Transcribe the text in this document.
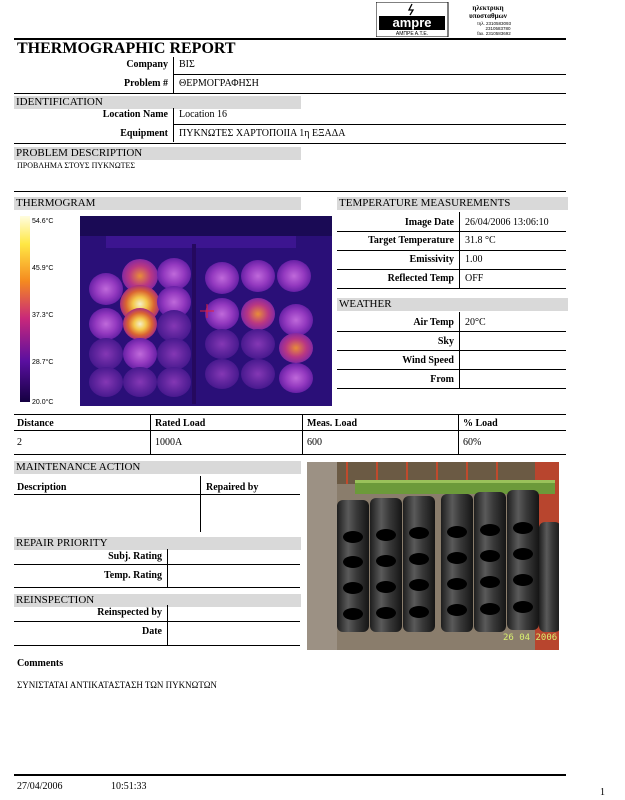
ampre
ΑΜΠΡΕ Α.Τ.Ε.
ηλεκτρικη
υποσταθμων
τηλ. 2310583093
2310583780
fax. 2310583692
THERMOGRAPHIC REPORT
Company ΒΙΣ
Problem # ΘΕΡΜΟΓΡΑΦΗΣΗ
IDENTIFICATION
Location Name Location 16
Equipment ΠΥΚΝΩΤΕΣ ΧΑΡΤΟΠΟΙΙΑ 1η ΕΞΑΔΑ
PROBLEM DESCRIPTION
ΠΡΟΒΛΗΜΑ ΣΤΟΥΣ ΠΥΚΝΩΤΕΣ
THERMOGRAM
54.6°C
45.9°C
37.3°C
28.7°C
20.0°C
TEMPERATURE MEASUREMENTS
Image Date 26/04/2006 13:06:10
Target Temperature 31.8 °C
Emissivity 1.00
Reflected Temp OFF
WEATHER
Air Temp 20°C
Sky
Wind Speed
From
Distance	Rated Load	Meas. Load	% Load
2	1000A	600	60%
MAINTENANCE ACTION
Description	Repaired by
REPAIR PRIORITY
Subj. Rating
Temp. Rating
REINSPECTION
Reinspected by
Date
26 04 2006
Comments
ΣΥΝΙΣΤΑΤΑΙ ΑΝΤΙΚΑΤΑΣΤΑΣΗ ΤΩΝ ΠΥΚΝΩΤΩΝ
27/04/2006	10:51:33
1
